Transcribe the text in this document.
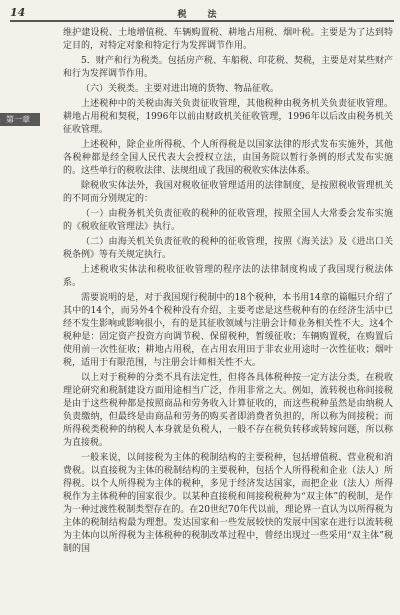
14	税　法
第一章

维护建设税、土地增值税、车辆购置税、耕地占用税、烟叶税。主要是为了达到特定目的，对特定对象和特定行为发挥调节作用。

5．财产和行为税类。包括房产税、车船税、印花税、契税，主要是对某些财产和行为发挥调节作用。

（六）关税类。主要对进出境的货物、物品征收。

上述税种中的关税由海关负责征收管理，其他税种由税务机关负责征收管理。耕地占用税和契税，1996年以前由财政机关征收管理，1996年以后改由税务机关征收管理。

上述税种，除企业所得税、个人所得税是以国家法律的形式发布实施外，其他各税种都是经全国人民代表大会授权立法，由国务院以暂行条例的形式发布实施的。这些单行的税收法律、法规组成了我国的税收实体法体系。

除税收实体法外，我国对税收征收管理适用的法律制度，是按照税收管理机关的不同而分别规定的：

（一）由税务机关负责征收的税种的征收管理，按照全国人大常委会发布实施的《税收征收管理法》执行。

（二）由海关机关负责征收的税种的征收管理，按照《海关法》及《进出口关税条例》等有关规定执行。

上述税收实体法和税收征收管理的程序法的法律制度构成了我国现行税法体系。

需要说明的是，对于我国现行税制中的18个税种，本书用14章的篇幅只介绍了其中的14个，而另外4个税种没有介绍，主要考虑是这些税种有的在经济生活中已经不发生影响或影响很小，有的是其征收领域与注册会计师业务相关性不大。这4个税种是：固定资产投资方向调节税、保留税种，暂缓征收；车辆购置税，在购置后使用前一次性征收；耕地占用税，在占用农用田于非农业用途时一次性征收；烟叶税，适用于有限范围，与注册会计师相关性不大。

以上对于税种的分类不具有法定性，但将各具体税种按一定方法分类，在税收理论研究和税制建设方面用途相当广泛，作用非常之大。例如，流转税也称间接税是由于这些税种都是按照商品和劳务收入计算征收的，而这些税种虽然是由纳税人负责缴纳，但最终是由商品和劳务的购买者即消费者负担的，所以称为间接税；而所得税类税种的纳税人本身就是负税人，一般不存在税负转移或转嫁问题，所以称为直接税。

一般来说，以间接税为主体的税制结构的主要税种，包括增值税、营业税和消费税。以直接税为主体的税制结构的主要税种，包括个人所得税和企业（法人）所得税。以个人所得税为主体的税种，多见于经济发达国家，而把企业（法人）所得税作为主体税种的国家很少。以某种直接税和间接税税种为“双主体”的税制，是作为一种过渡性税制类型存在的。在20世纪70年代以前，理论界一直认为以所得税为主体的税制结构最为理想。发达国家和一些发展较快的发展中国家在进行以流转税为主体向以所得税为主体税种的税制改革过程中，曾经出现过一些采用“双主体”税制的国
